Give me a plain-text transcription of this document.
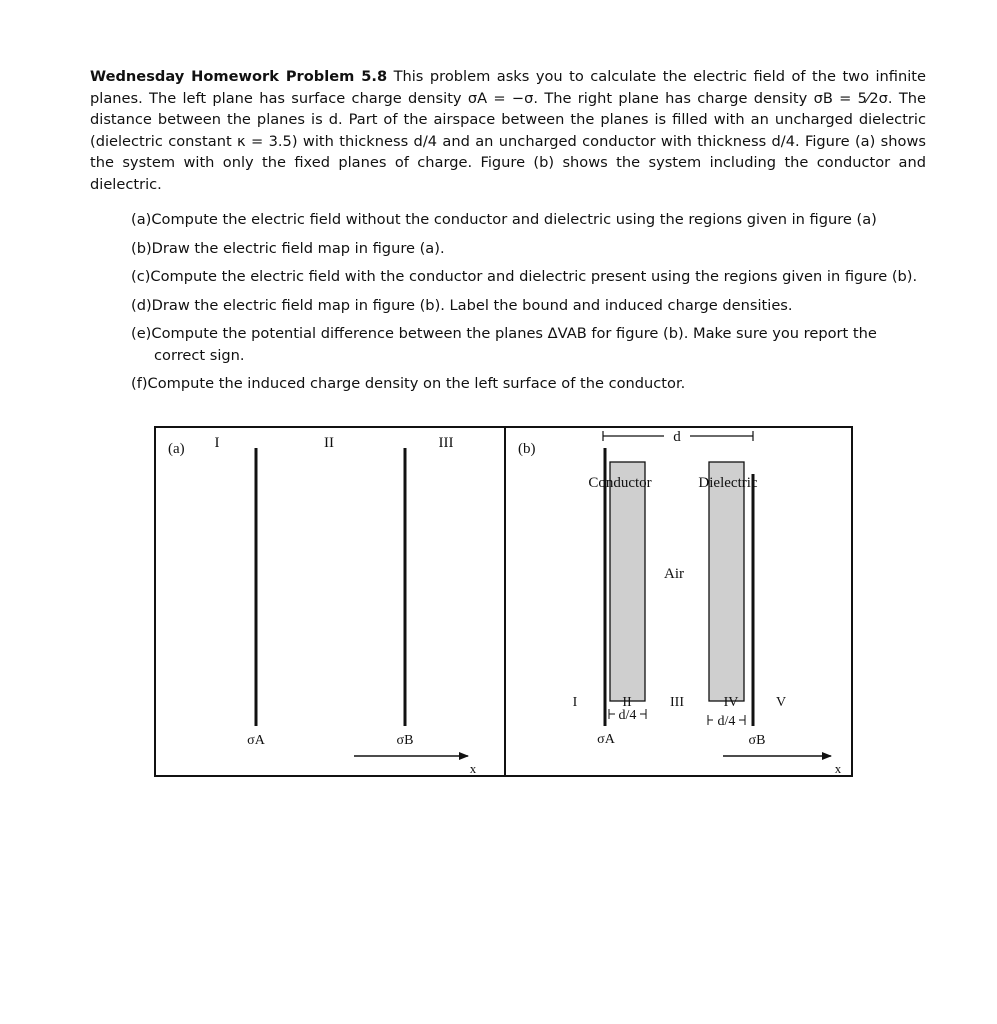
Wednesday Homework Problem 5.8 This problem asks you to calculate the electric field of the two infinite planes. The left plane has surface charge density σA = −σ. The right plane has charge density σB = 5⁄2σ. The distance between the planes is d. Part of the airspace between the planes is filled with an uncharged dielectric (dielectric constant κ = 3.5) with thickness d/4 and an uncharged conductor with thickness d/4. Figure (a) shows the system with only the fixed planes of charge. Figure (b) shows the system including the conductor and dielectric.
(a)Compute the electric field without the conductor and dielectric using the regions given in figure (a)
(b)Draw the electric field map in figure (a).
(c)Compute the electric field with the conductor and dielectric present using the regions given in figure (b).
(d)Draw the electric field map in figure (b). Label the bound and induced charge densities.
(e)Compute the potential difference between the planes ΔVAB for figure (b). Make sure you report the
correct sign.
(f)Compute the induced charge density on the left surface of the conductor.
(a) I	II	III
σA	σB
x
(b)
d
Conductor	Dielectric
Air
I	II	III	IV	V
d/4	d/4
σA	σB
x
